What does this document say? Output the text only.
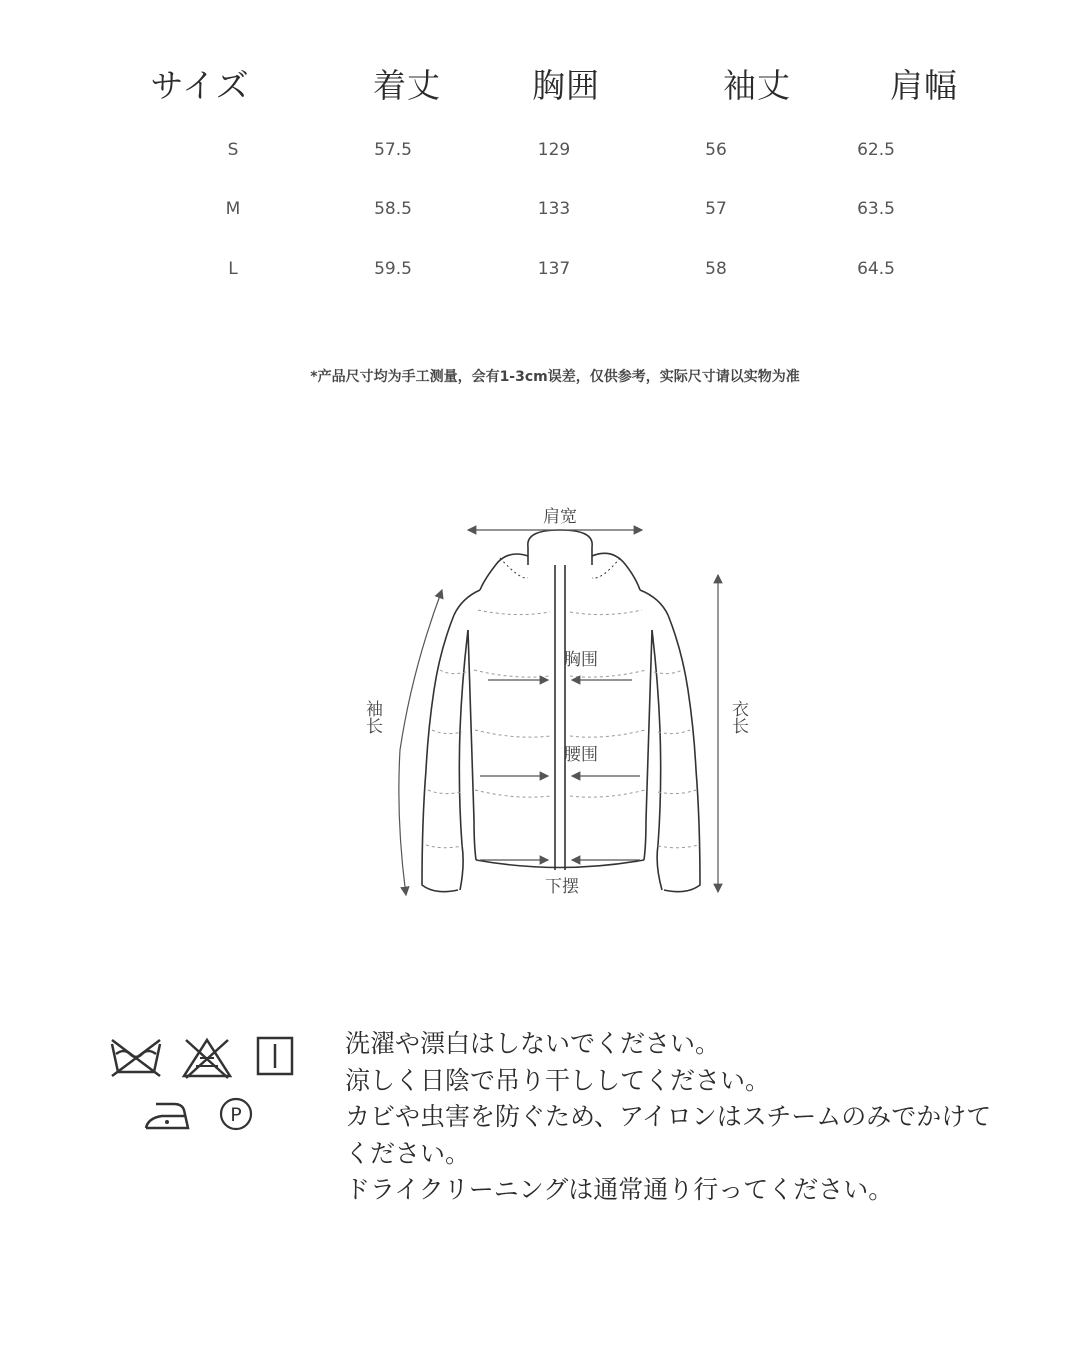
サイズ	着丈	胸囲	袖丈	肩幅
S	57.5	129	56	62.5
M	58.5	133	57	63.5
L	59.5	137	58	64.5
*产品尺寸均为手工测量，会有1-3cm误差，仅供参考，实际尺寸请以实物为准
肩宽
胸围
腰围
下摆
袖长	衣长
P
洗濯や漂白はしないでください。
涼しく日陰で吊り干ししてください。
カビや虫害を防ぐため、アイロンはスチームのみでかけて
ください。
ドライクリーニングは通常通り行ってください。
